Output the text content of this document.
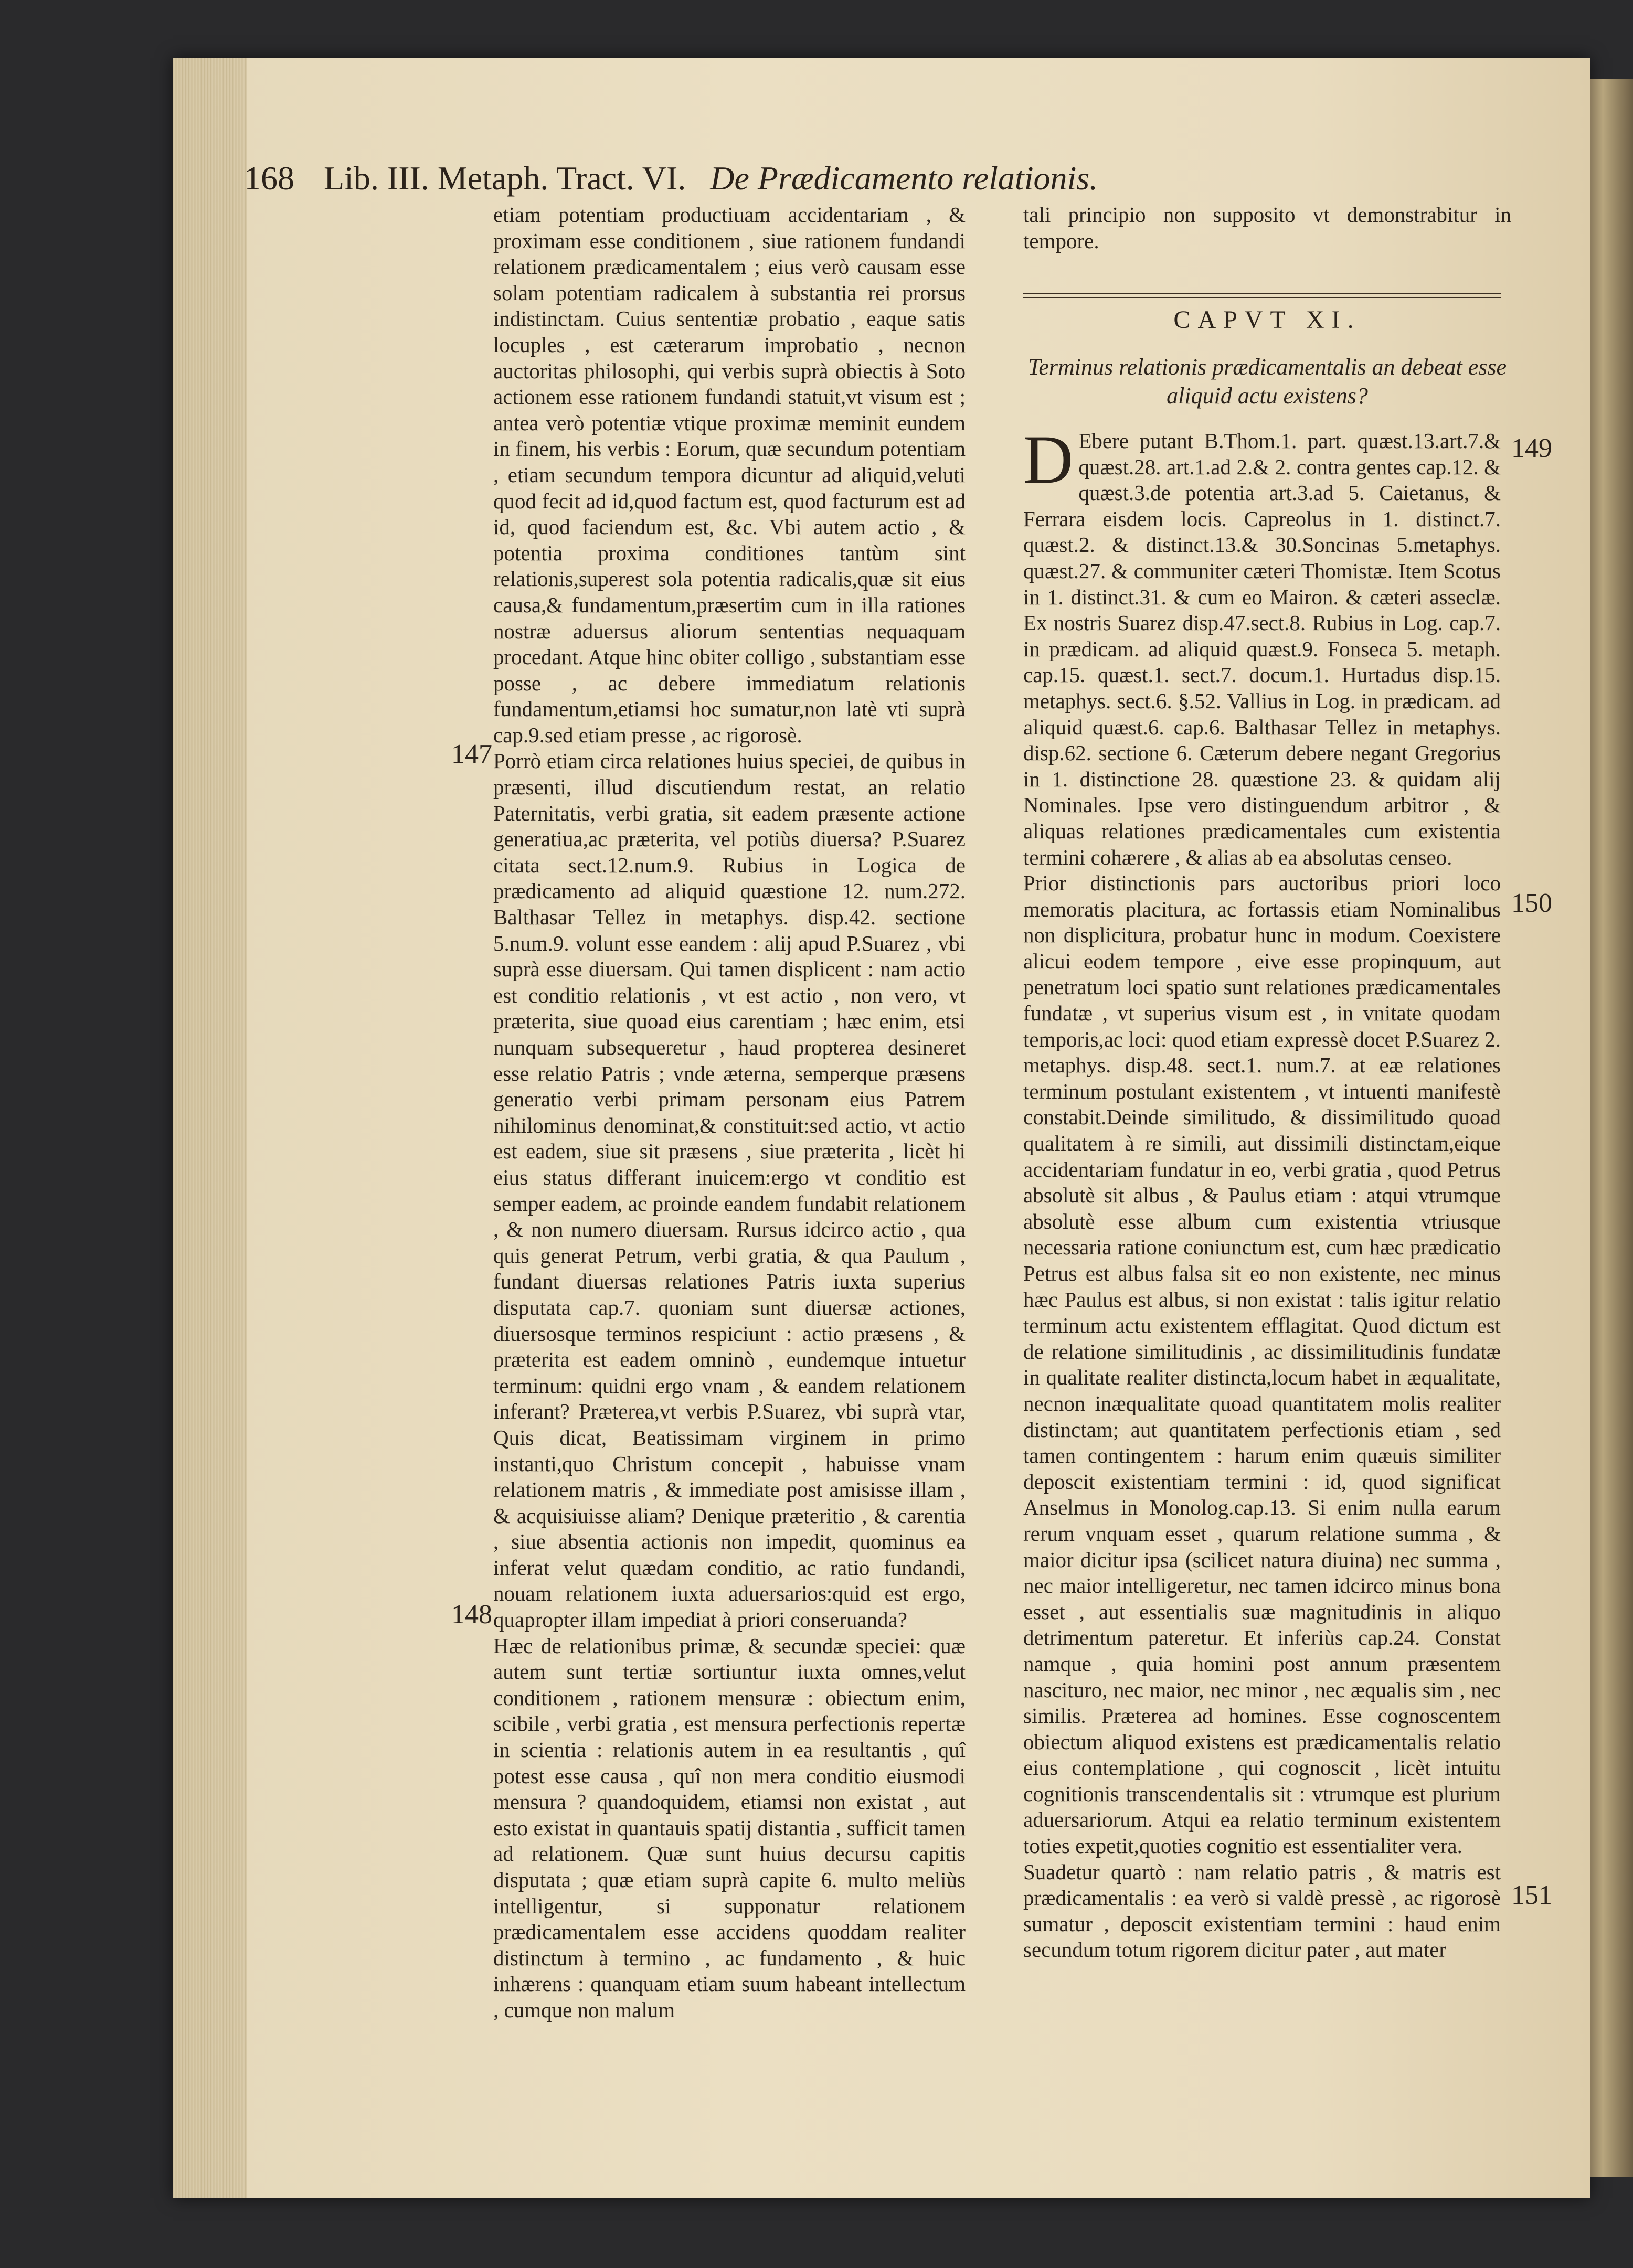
168 Lib. III. Metaph. Tract. VI. De Prædicamento relationis.
etiam potentiam productiuam accidentariam , & proximam esse conditionem , siue rationem fundandi relationem prædicamentalem ; eius verò causam esse solam potentiam radicalem à substantia rei prorsus indistinctam. Cuius sententiæ probatio , eaque satis locuples , est cæterarum improbatio , necnon auctoritas philosophi, qui verbis suprà obiectis à Soto actionem esse rationem fundandi statuit,vt visum est ; antea verò potentiæ vtique proximæ meminit eundem in finem, his verbis : Eorum, quæ secundum potentiam , etiam secundum tempora dicuntur ad aliquid,veluti quod fecit ad id,quod factum est, quod facturum est ad id, quod faciendum est, &c. Vbi autem actio , & potentia proxima conditiones tantùm sint relationis,superest sola potentia radicalis,quæ sit eius causa,& fundamentum,præsertim cum in illa rationes nostræ aduersus aliorum sententias nequaquam procedant. Atque hinc obiter colligo , substantiam esse posse , ac debere immediatum relationis fundamentum,etiamsi hoc sumatur,non latè vti suprà cap.9.sed etiam presse , ac rigorosè.
Porrò etiam circa relationes huius speciei, de quibus in præsenti, illud discutiendum restat, an relatio Paternitatis, verbi gratia, sit eadem præsente actione generatiua,ac præterita, vel potiùs diuersa? P.Suarez citata sect.12.num.9. Rubius in Logica de prædicamento ad aliquid quæstione 12. num.272. Balthasar Tellez in metaphys. disp.42. sectione 5.num.9. volunt esse eandem : alij apud P.Suarez , vbi suprà esse diuersam. Qui tamen displicent : nam actio est conditio relationis , vt est actio , non vero, vt præterita, siue quoad eius carentiam ; hæc enim, etsi nunquam subsequeretur , haud propterea desineret esse relatio Patris ; vnde æterna, semperque præsens generatio verbi primam personam eius Patrem nihilominus denominat,& constituit:sed actio, vt actio est eadem, siue sit præsens , siue præterita , licèt hi eius status differant inuicem:ergo vt conditio est semper eadem, ac proinde eandem fundabit relationem , & non numero diuersam. Rursus idcirco actio , qua quis generat Petrum, verbi gratia, & qua Paulum , fundant diuersas relationes Patris iuxta superius disputata cap.7. quoniam sunt diuersæ actiones, diuersosque terminos respiciunt : actio præsens , & præterita est eadem omninò , eundemque intuetur terminum: quidni ergo vnam , & eandem relationem inferant? Præterea,vt verbis P.Suarez, vbi suprà vtar, Quis dicat, Beatissimam virginem in primo instanti,quo Christum concepit , habuisse vnam relationem matris , & immediate post amisisse illam , & acquisiuisse aliam? Denique præteritio , & carentia , siue absentia actionis non impedit, quominus ea inferat velut quædam conditio, ac ratio fundandi, nouam relationem iuxta aduersarios:quid est ergo, quapropter illam impediat à priori conseruanda?
Hæc de relationibus primæ, & secundæ speciei: quæ autem sunt tertiæ sortiuntur iuxta omnes,velut conditionem , rationem mensuræ : obiectum enim, scibile , verbi gratia , est mensura perfectionis repertæ in scientia : relationis autem in ea resultantis , quî potest esse causa , quî non mera conditio eiusmodi mensura ? quandoquidem, etiamsi non existat , aut esto existat in quantauis spatij distantia , sufficit tamen ad relationem. Quæ sunt huius decursu capitis disputata ; quæ etiam suprà capite 6. multo meliùs intelligentur, si supponatur relationem prædicamentalem esse accidens quoddam realiter distinctum à termino , ac fundamento , & huic inhærens : quanquam etiam suum habeant intellectum , cumque non malum
tali principio non supposito vt demonstrabitur in tempore.
CAPVT XI.
Terminus relationis prædicamentalis an debeat esse aliquid actu existens?
D Ebere putant B.Thom.1. part. quæst.13.art.7.& quæst.28. art.1.ad 2.& 2. contra gentes cap.12. & quæst.3.de potentia art.3.ad 5. Caietanus, & Ferrara eisdem locis. Capreolus in 1. distinct.7. quæst.2. & distinct.13.& 30.Soncinas 5.metaphys. quæst.27. & communiter cæteri Thomistæ. Item Scotus in 1. distinct.31. & cum eo Mairon. & cæteri asseclæ. Ex nostris Suarez disp.47.sect.8. Rubius in Log. cap.7. in prædicam. ad aliquid quæst.9. Fonseca 5. metaph. cap.15. quæst.1. sect.7. docum.1. Hurtadus disp.15. metaphys. sect.6. §.52. Vallius in Log. in prædicam. ad aliquid quæst.6. cap.6. Balthasar Tellez in metaphys. disp.62. sectione 6. Cæterum debere negant Gregorius in 1. distinctione 28. quæstione 23. & quidam alij Nominales. Ipse vero distinguendum arbitror , & aliquas relationes prædicamentales cum existentia termini cohærere , & alias ab ea absolutas censeo.
Prior distinctionis pars auctoribus priori loco memoratis placitura, ac fortassis etiam Nominalibus non displicitura, probatur hunc in modum. Coexistere alicui eodem tempore , eive esse propinquum, aut penetratum loci spatio sunt relationes prædicamentales fundatæ , vt superius visum est , in vnitate quodam temporis,ac loci: quod etiam expressè docet P.Suarez 2. metaphys. disp.48. sect.1. num.7. at eæ relationes terminum postulant existentem , vt intuenti manifestè constabit.Deinde similitudo, & dissimilitudo quoad qualitatem à re simili, aut dissimili distinctam,eique accidentariam fundatur in eo, verbi gratia , quod Petrus absolutè sit albus , & Paulus etiam : atqui vtrumque absolutè esse album cum existentia vtriusque necessaria ratione coniunctum est, cum hæc prædicatio Petrus est albus falsa sit eo non existente, nec minus hæc Paulus est albus, si non existat : talis igitur relatio terminum actu existentem efflagitat. Quod dictum est de relatione similitudinis , ac dissimilitudinis fundatæ in qualitate realiter distincta,locum habet in æqualitate, necnon inæqualitate quoad quantitatem molis realiter distinctam; aut quantitatem perfectionis etiam , sed tamen contingentem : harum enim quæuis similiter deposcit existentiam termini : id, quod significat Anselmus in Monolog.cap.13. Si enim nulla earum rerum vnquam esset , quarum relatione summa , & maior dicitur ipsa (scilicet natura diuina) nec summa , nec maior intelligeretur, nec tamen idcirco minus bona esset , aut essentialis suæ magnitudinis in aliquo detrimentum pateretur. Et inferiùs cap.24. Constat namque , quia homini post annum præsentem nascituro, nec maior, nec minor , nec æqualis sim , nec similis. Præterea ad homines. Esse cognoscentem obiectum aliquod existens est prædicamentalis relatio eius contemplatione , qui cognoscit , licèt intuitu cognitionis transcendentalis sit : vtrumque est plurium aduersariorum. Atqui ea relatio terminum existentem toties expetit,quoties cognitio est essentialiter vera.
Suadetur quartò : nam relatio patris , & matris est prædicamentalis : ea verò si valdè pressè , ac rigorosè sumatur , deposcit existentiam termini : haud enim secundum totum rigorem dicitur pater , aut mater
147
148
149
150
151
